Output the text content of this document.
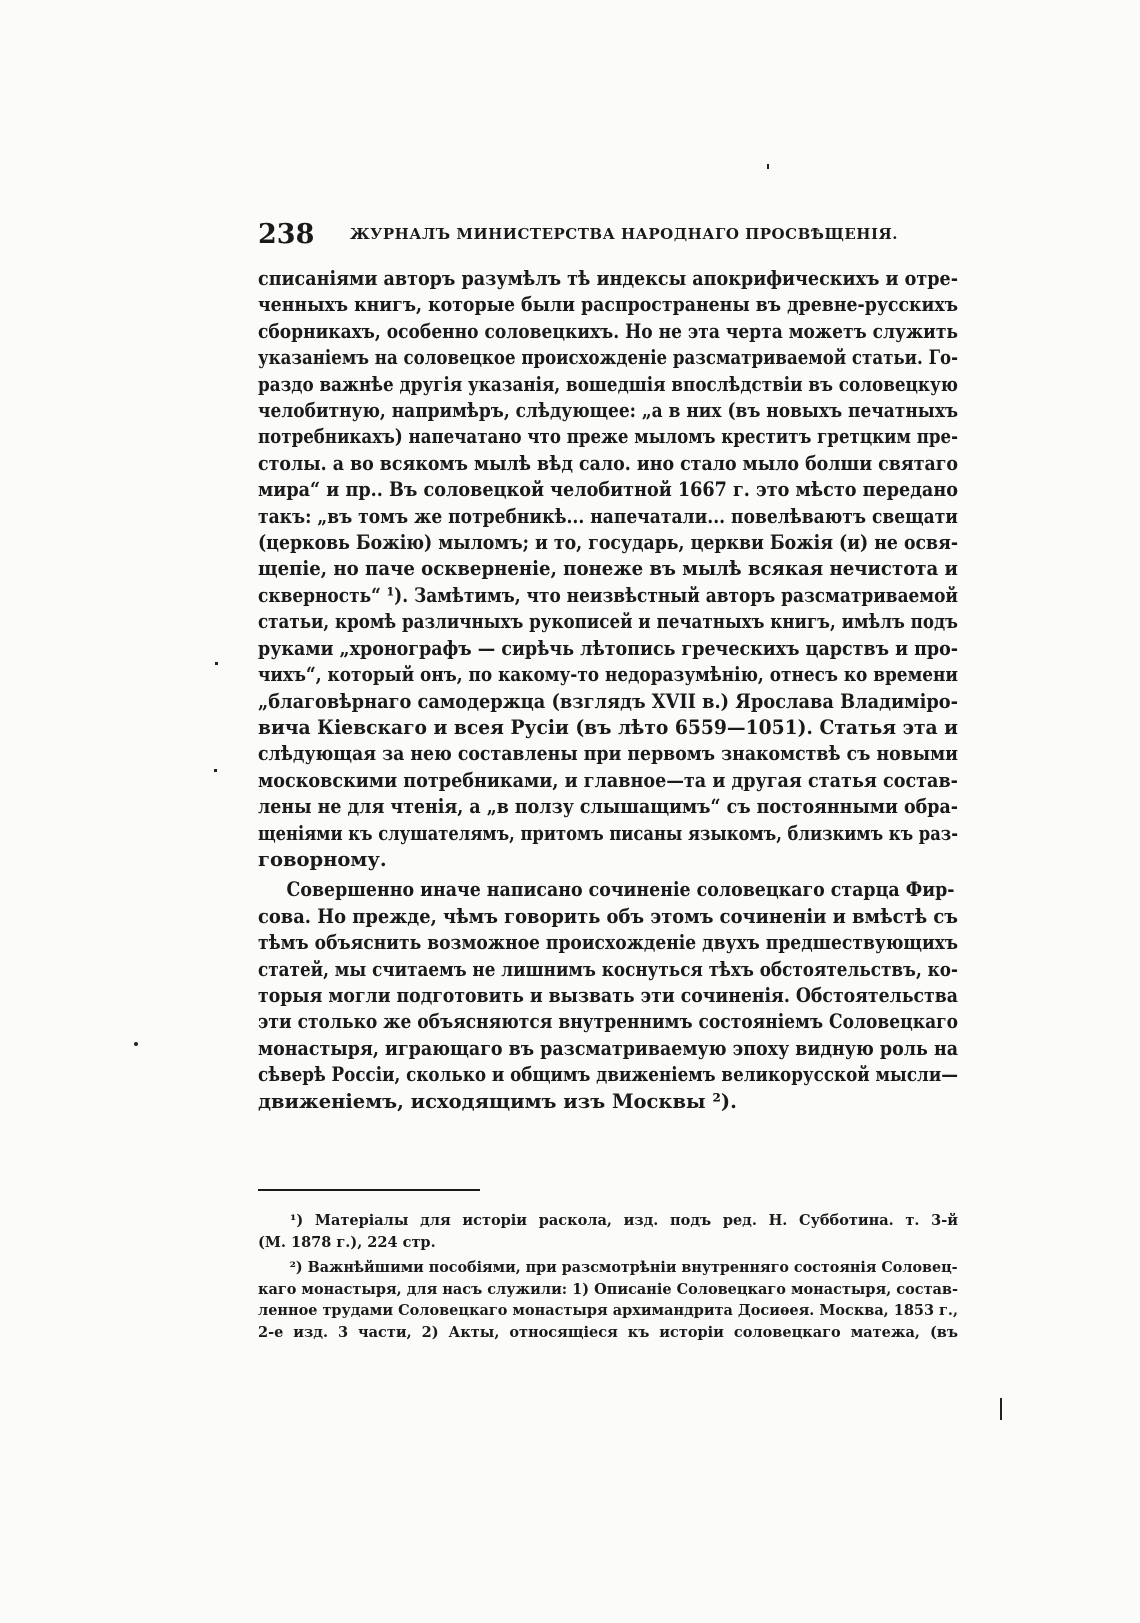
238 ЖУРНАЛЪ МИНИСТЕРСТВА НАРОДНАГО ПРОСВѢЩЕНІЯ.
списаніями авторъ разумѣлъ тѣ индексы апокрифическихъ и отре-
ченныхъ книгъ, которые были распространены въ древне-русскихъ
сборникахъ, особенно соловецкихъ. Но не эта черта можетъ служить
указаніемъ на соловецкое происхожденіе разсматриваемой статьи. Го-
раздо важнѣе другія указанія, вошедшія впослѣдствіи въ соловецкую
челобитную, напримѣръ, слѣдующее: „а в них (въ новыхъ печатныхъ
потребникахъ) напечатано что преже мыломъ креститъ гретцким пре-
столы. а во всякомъ мылѣ вѣд сало. ино стало мыло болши святаго
мира“ и пр.. Въ соловецкой челобитной 1667 г. это мѣсто передано
такъ: „въ томъ же потребникѣ... напечатали... повелѣваютъ свещати
(церковь Божію) мыломъ; и то, государь, церкви Божія (и) не освя-
щепіе, но паче оскверненіе, понеже въ мылѣ всякая нечистота и
скверность“ ¹). Замѣтимъ, что неизвѣстный авторъ разсматриваемой
статьи, кромѣ различныхъ рукописей и печатныхъ книгъ, имѣлъ подъ
руками „хронографъ — сирѣчь лѣтопись греческихъ царствъ и про-
чихъ“, который онъ, по какому-то недоразумѣнію, отнесъ ко времени
„благовѣрнаго самодержца (взглядъ XVII в.) Ярослава Владиміро-
вича Кіевскаго и всея Русіи (въ лѣто 6559—1051). Статья эта и
слѣдующая за нею составлены при первомъ знакомствѣ съ новыми
московскими потребниками, и главное—та и другая статья состав-
лены не для чтенія, а „в ползу слышащимъ“ съ постоянными обра-
щеніями къ слушателямъ, притомъ писаны языкомъ, близкимъ къ раз-
говорному.
Совершенно иначе написано сочиненіе соловецкаго старца Фир-
сова. Но прежде, чѣмъ говорить объ этомъ сочиненіи и вмѣстѣ съ
тѣмъ объяснить возможное происхожденіе двухъ предшествующихъ
статей, мы считаемъ не лишнимъ коснуться тѣхъ обстоятельствъ, ко-
торыя могли подготовить и вызвать эти сочиненія. Обстоятельства
эти столько же объясняются внутреннимъ состояніемъ Соловецкаго
монастыря, играющаго въ разсматриваемую эпоху видную роль на
сѣверѣ Россіи, сколько и общимъ движеніемъ великорусской мысли—
движеніемъ, исходящимъ изъ Москвы ²).
¹) Матеріалы для исторіи раскола, изд. подъ ред. Н. Субботина. т. 3-й
(М. 1878 г.), 224 стр.
²) Важнѣйшими пособіями, при разсмотрѣніи внутренняго состоянія Соловец-
каго монастыря, для насъ служили: 1) Описаніе Соловецкаго монастыря, состав-
ленное трудами Соловецкаго монастыря архимандрита Досиѳея. Москва, 1853 г.,
2-е изд. 3 части, 2) Акты, относящіеся къ исторіи соловецкаго матежа, (въ
